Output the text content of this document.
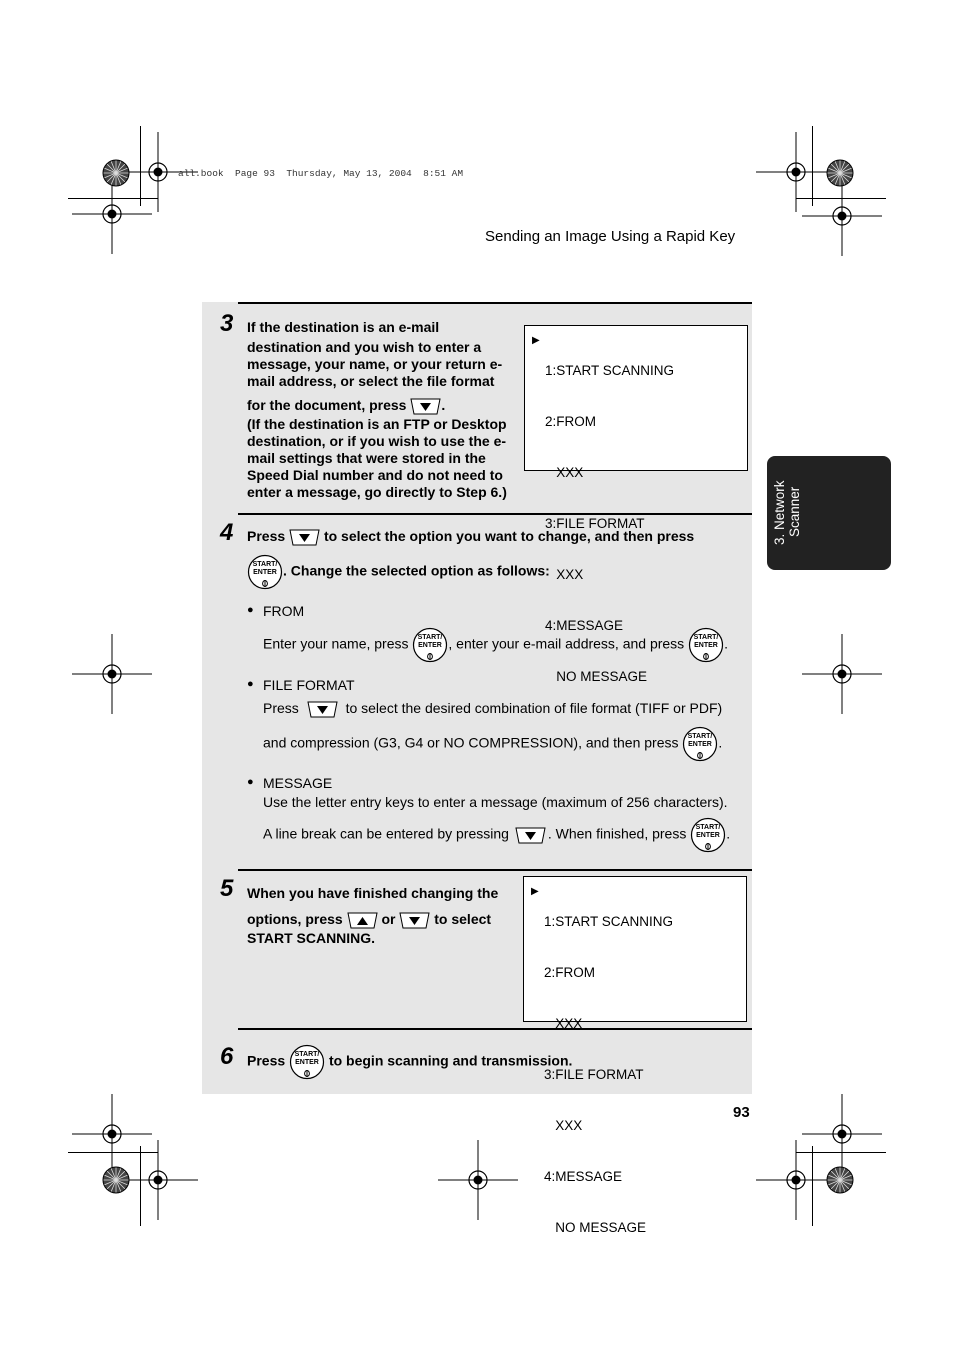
all.book  Page 93  Thursday, May 13, 2004  8:51 AM
Sending an Image Using a Rapid Key
3. Network Scanner
3 If the destination is an e-mail
destination and you wish to enter a
message, your name, or your return e-
mail address, or select the file format
for the document, press .
(If the destination is an FTP or Desktop
destination, or if you wish to use the e-
mail settings that were stored in the
Speed Dial number and do not need to
enter a message, go directly to Step 6.)
▶

1:START SCANNING

2:FROM

XXX

3:FILE FORMAT

XXX

4:MESSAGE

NO MESSAGE

4 Press	to select the option you want to change, and then press
START/
ENTER . Change the selected option as follows:
● FROM
Enter your name, press START/
ENTER , enter your e-mail address, and press START/
ENTER .
● FILE FORMAT
Press	to select the desired combination of file format (TIFF or PDF)
and compression (G3, G4 or NO COMPRESSION), and then press START/
ENTER .
● MESSAGE
Use the letter entry keys to enter a message (maximum of 256 characters).
A line break can be entered by pressing	. When finished, press START/
ENTER .
5 When you have finished changing the
options, press	or	to select
START SCANNING.
▶

1:START SCANNING

2:FROM

XXX

3:FILE FORMAT

XXX

4:MESSAGE

NO MESSAGE

6 Press START/
ENTER to begin scanning and transmission.
93
